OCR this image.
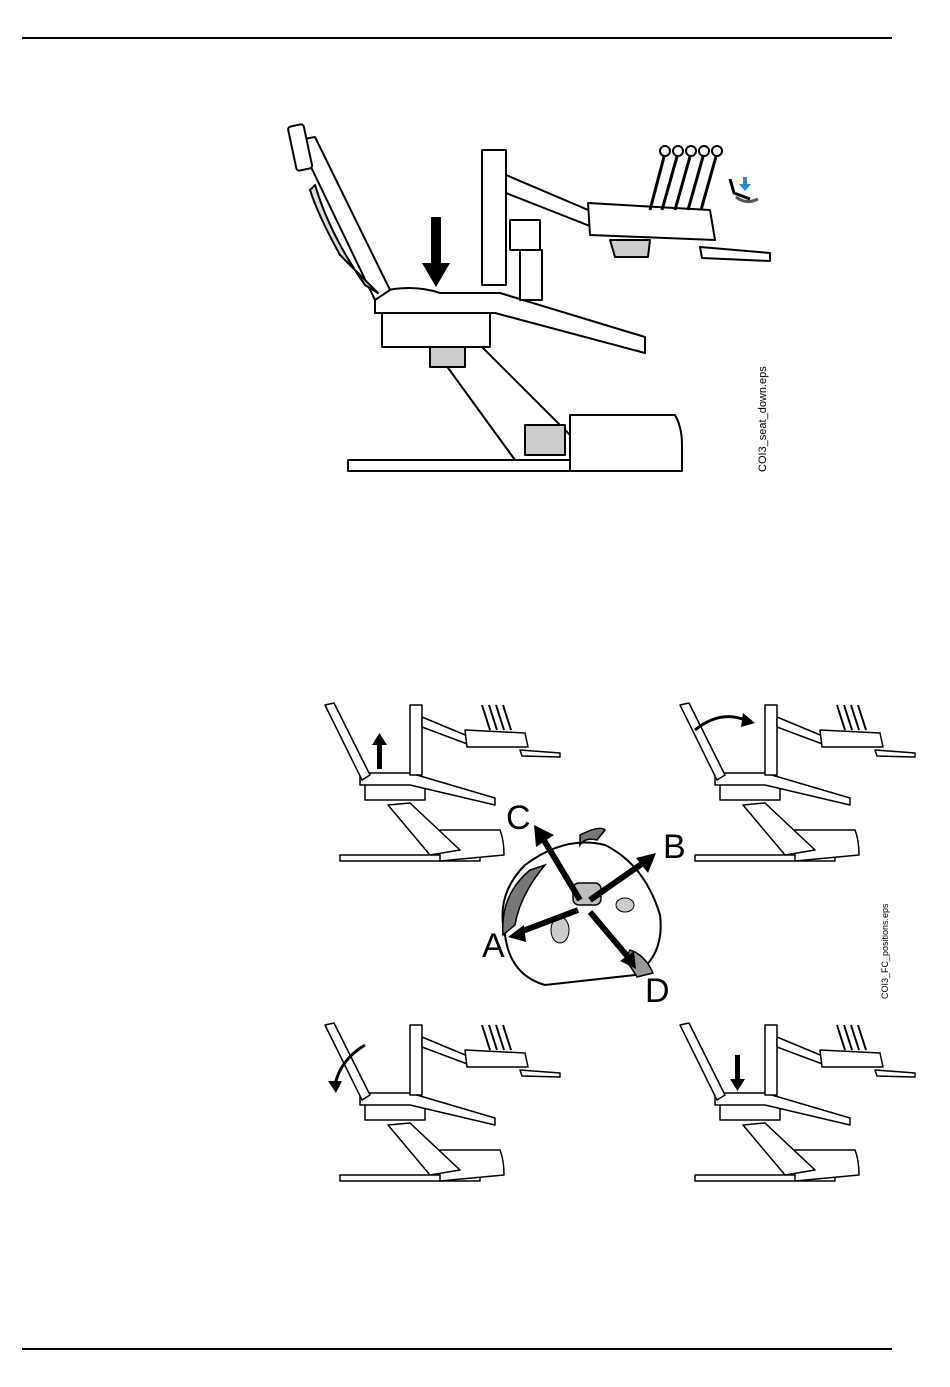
COI3_seat_down.eps
C
B
A
D	COI3_FC_positions.eps
